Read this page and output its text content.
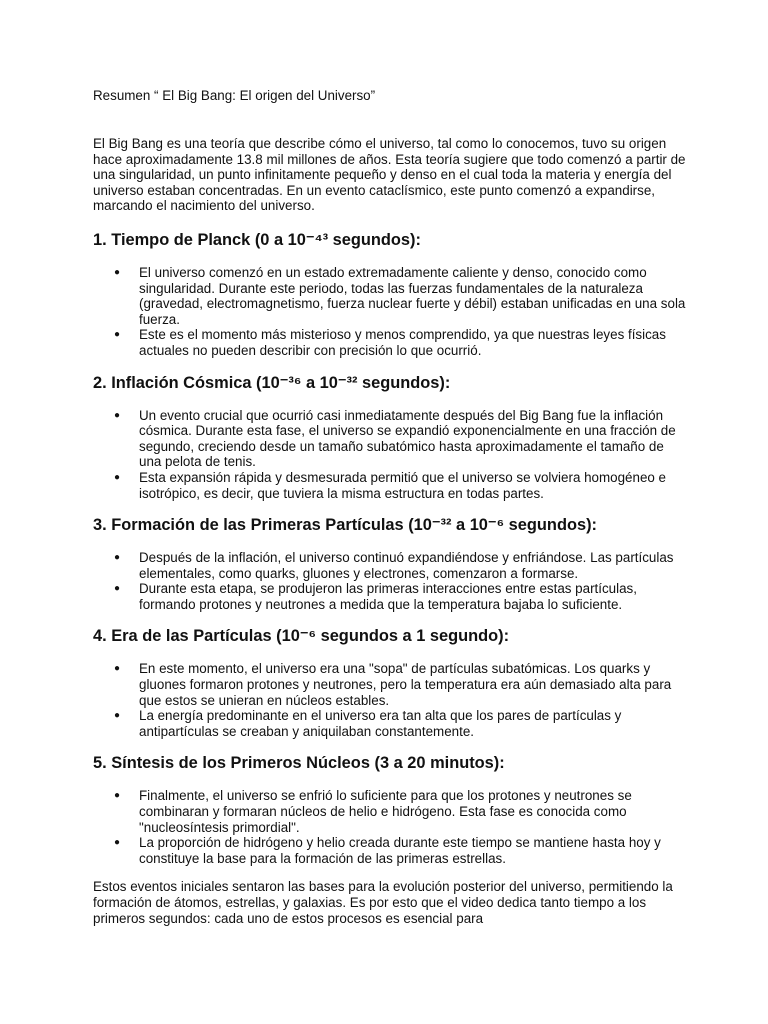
Resumen “ El Big Bang: El origen del Universo”

El Big Bang es una teoría que describe cómo el universo, tal como lo conocemos, tuvo su origen hace aproximadamente 13.8 mil millones de años. Esta teoría sugiere que todo comenzó a partir de una singularidad, un punto infinitamente pequeño y denso en el cual toda la materia y energía del universo estaban concentradas. En un evento cataclísmico, este punto comenzó a expandirse, marcando el nacimiento del universo.

1. Tiempo de Planck (0 a 10⁻⁴³ segundos):
● El universo comenzó en un estado extremadamente caliente y denso, conocido como singularidad. Durante este periodo, todas las fuerzas fundamentales de la naturaleza (gravedad, electromagnetismo, fuerza nuclear fuerte y débil) estaban unificadas en una sola fuerza.
● Este es el momento más misterioso y menos comprendido, ya que nuestras leyes físicas actuales no pueden describir con precisión lo que ocurrió.
2. Inflación Cósmica (10⁻³⁶ a 10⁻³² segundos):
● Un evento crucial que ocurrió casi inmediatamente después del Big Bang fue la inflación cósmica. Durante esta fase, el universo se expandió exponencialmente en una fracción de segundo, creciendo desde un tamaño subatómico hasta aproximadamente el tamaño de una pelota de tenis.
● Esta expansión rápida y desmesurada permitió que el universo se volviera homogéneo e isotrópico, es decir, que tuviera la misma estructura en todas partes.
3. Formación de las Primeras Partículas (10⁻³² a 10⁻⁶ segundos):
● Después de la inflación, el universo continuó expandiéndose y enfriándose. Las partículas elementales, como quarks, gluones y electrones, comenzaron a formarse.
● Durante esta etapa, se produjeron las primeras interacciones entre estas partículas, formando protones y neutrones a medida que la temperatura bajaba lo suficiente.
4. Era de las Partículas (10⁻⁶ segundos a 1 segundo):
● En este momento, el universo era una "sopa" de partículas subatómicas. Los quarks y gluones formaron protones y neutrones, pero la temperatura era aún demasiado alta para que estos se unieran en núcleos estables.
● La energía predominante en el universo era tan alta que los pares de partículas y antipartículas se creaban y aniquilaban constantemente.
5. Síntesis de los Primeros Núcleos (3 a 20 minutos):
● Finalmente, el universo se enfrió lo suficiente para que los protones y neutrones se combinaran y formaran núcleos de helio e hidrógeno. Esta fase es conocida como "nucleosíntesis primordial".
● La proporción de hidrógeno y helio creada durante este tiempo se mantiene hasta hoy y constituye la base para la formación de las primeras estrellas.

Estos eventos iniciales sentaron las bases para la evolución posterior del universo, permitiendo la formación de átomos, estrellas, y galaxias. Es por esto que el video dedica tanto tiempo a los primeros segundos: cada uno de estos procesos es esencial para
